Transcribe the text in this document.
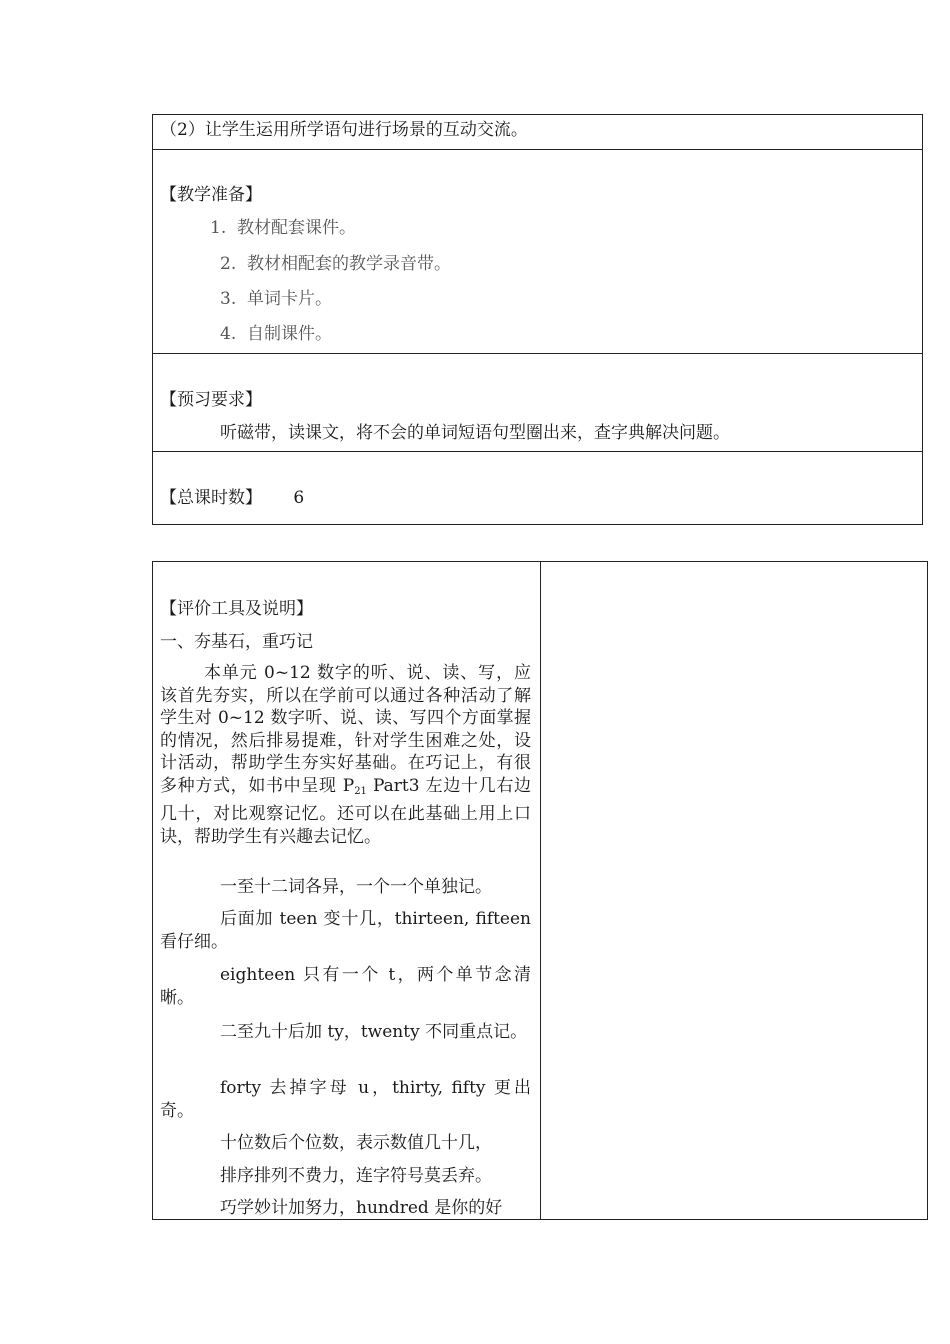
（2）让学生运用所学语句进行场景的互动交流。
【教学准备】
1. 教材配套课件。
2. 教材相配套的教学录音带。
3. 单词卡片。
4. 自制课件。
【预习要求】
听磁带，读课文，将不会的单词短语句型圈出来，查字典解决问题。
【总课时数】 6
【评价工具及说明】
一、夯基石，重巧记
本单元 0~12 数字的听、说、读、写，应该首先夯实，所以在学前可以通过各种活动了解学生对 0~12 数字听、说、读、写四个方面掌握的情况，然后排易提难，针对学生困难之处，设计活动，帮助学生夯实好基础。在巧记上，有很多种方式，如书中呈现 $P_{21}$ Part3 左边十几右边几十，对比观察记忆。还可以在此基础上用上口诀，帮助学生有兴趣去记忆。
一至十二词各异，一个一个单独记。
后面加 teen 变十几，thirteen, fifteen 看仔细。
eighteen 只有一个 t，两个单节念清晰。
二至九十后加 ty，twenty 不同重点记。
forty 去掉字母 u，thirty, fifty 更出奇。
十位数后个位数，表示数值几十几，
排序排列不费力，连字符号莫丢弃。
巧学妙计加努力，hundred 是你的好
